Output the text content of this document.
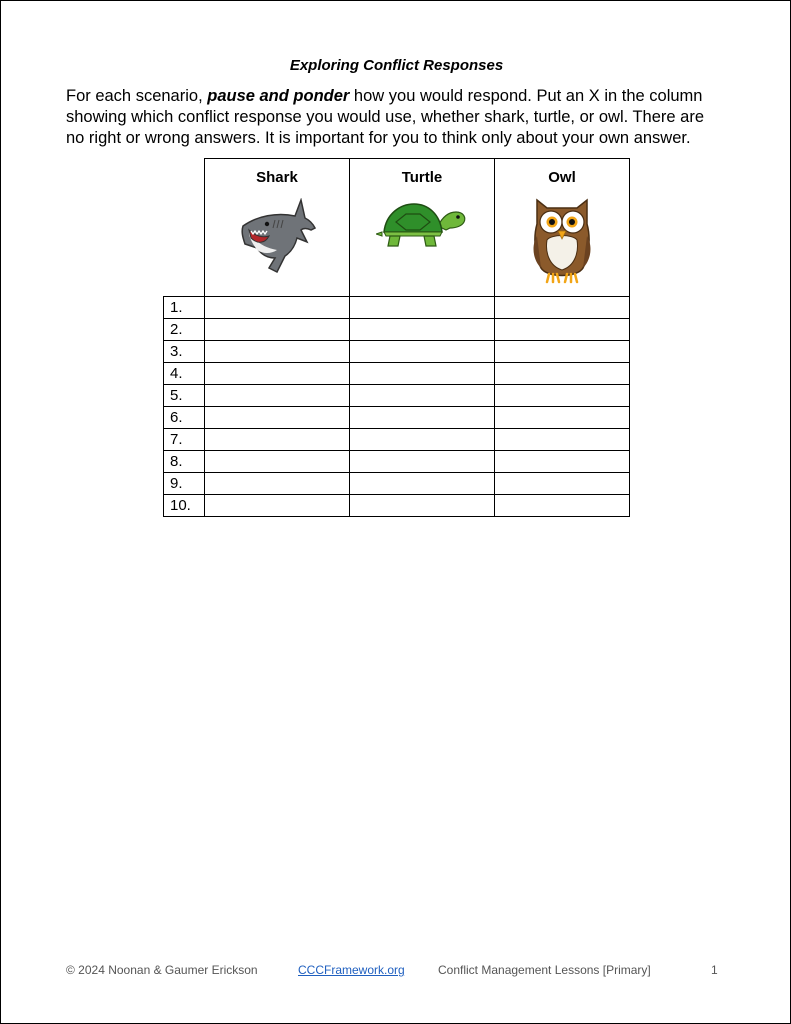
Exploring Conflict Responses
For each scenario, pause and ponder how you would respond. Put an X in the column showing which conflict response you would use, whether shark, turtle, or owl. There are no right or wrong answers. It is important for you to think only about your own answer.

	Shark	Turtle	Owl

1.			
2.			
3.			
4.			
5.			
6.			
7.			
8.			
9.			
10.			
© 2024 Noonan & Gaumer Erickson	CCCFramework.org	Conflict Management Lessons [Primary]	1
